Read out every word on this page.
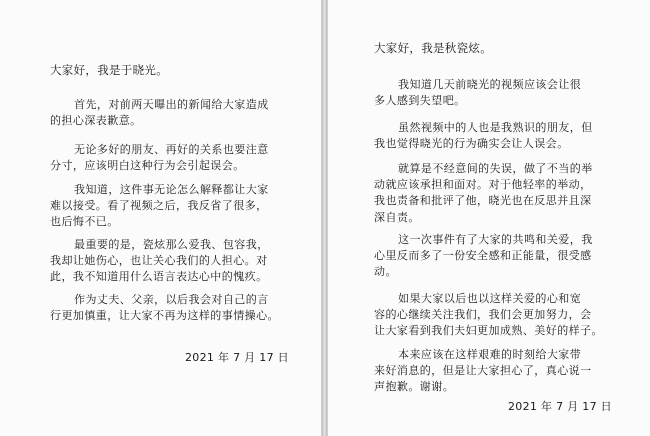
大家好，我是于晓光。
首先，对前两天曝出的新闻给大家造成
的担心深表歉意。
无论多好的朋友、再好的关系也要注意
分寸，应该明白这种行为会引起误会。
我知道，这件事无论怎么解释都让大家
难以接受。看了视频之后，我反省了很多，
也后悔不已。
最重要的是，瓷炫那么爱我、包容我，
我却让她伤心，也让关心我们的人担心。对
此，我不知道用什么语言表达心中的愧疚。
作为丈夫、父亲，以后我会对自己的言
行更加慎重，让大家不再为这样的事情操心。
2021 年 7 月 17 日
大家好，我是秋瓷炫。
我知道几天前晓光的视频应该会让很
多人感到失望吧。
虽然视频中的人也是我熟识的朋友，但
我也觉得晓光的行为确实会让人误会。
就算是不经意间的失误，做了不当的举
动就应该承担和面对。对于他轻率的举动，
我也责备和批评了他，晓光也在反思并且深
深自责。
这一次事件有了大家的共鸣和关爱，我
心里反而多了一份安全感和正能量，很受感
动。
如果大家以后也以这样关爱的心和宽
容的心继续关注我们，我们会更加努力，会
让大家看到我们夫妇更加成熟、美好的样子。
本来应该在这样艰难的时刻给大家带
来好消息的，但是让大家担心了，真心说一
声抱歉。谢谢。
2021 年 7 月 17 日
